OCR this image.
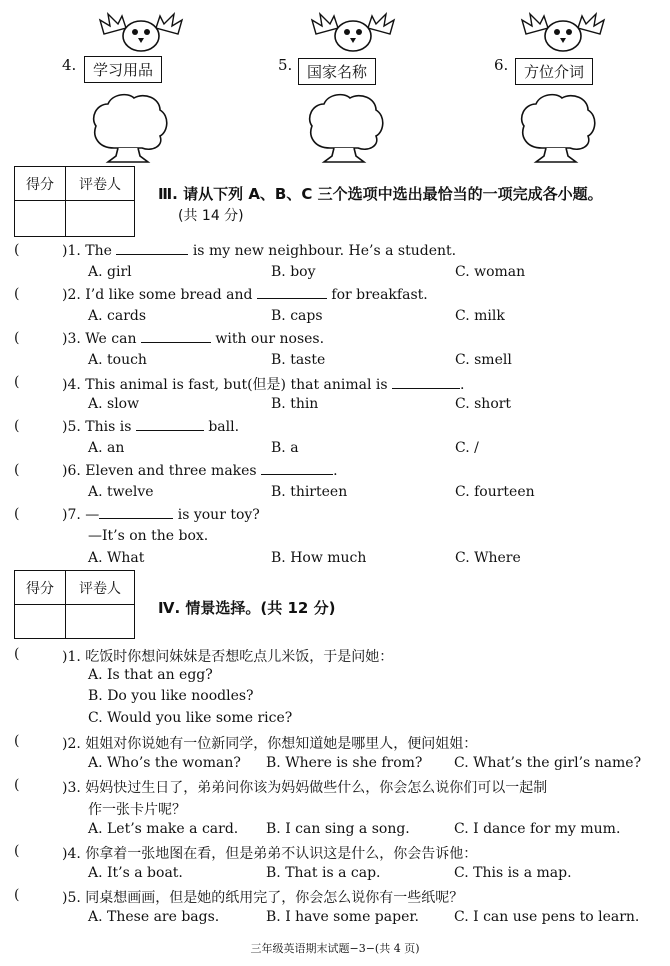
4.	学习用品	5. 国家名称	6.	方位介词
得分	评卷人

Ⅲ. 请从下列 A、B、C 三个选项中选出最恰当的一项完成各小题。
(共 14 分)
(	)1. The	is my new neighbour. He’s a student.
A. girl	B. boy	C. woman
(	)2. I’d like some bread and	for breakfast.
A. cards	B. caps	C. milk
(	)3. We can	with our noses.
A. touch	B. taste	C. smell
(	)4. This animal is fast, but(但是) that animal is	.
A. slow	B. thin	C. short
(	)5. This is	ball.
A. an	B. a	C. /
(	)6. Eleven and three makes	.
A. twelve	B. thirteen	C. fourteen
(	)7. —	is your toy?
—It’s on the box.
A. What	B. How much	C. Where
得分	评卷人

Ⅳ. 情景选择。(共 12 分)
(	)1. 吃饭时你想问妹妹是否想吃点儿米饭，于是问她：
A. Is that an egg?
B. Do you like noodles?
C. Would you like some rice?
(	)2. 姐姐对你说她有一位新同学，你想知道她是哪里人，便问姐姐：
A. Who’s the woman? B. Where is she from? C. What’s the girl’s name?
(	)3. 妈妈快过生日了，弟弟问你该为妈妈做些什么，你会怎么说你们可以一起制
作一张卡片呢？
A. Let’s make a card. B. I can sing a song.	C. I dance for my mum.
(	)4. 你拿着一张地图在看，但是弟弟不认识这是什么，你会告诉他：
A. It’s a boat.	B. That is a cap.	C. This is a map.
(	)5. 同桌想画画，但是她的纸用完了，你会怎么说你有一些纸呢？
A. These are bags.	B. I have some paper.	C. I can use pens to learn.
三年级英语期末试题−3−(共 4 页)
